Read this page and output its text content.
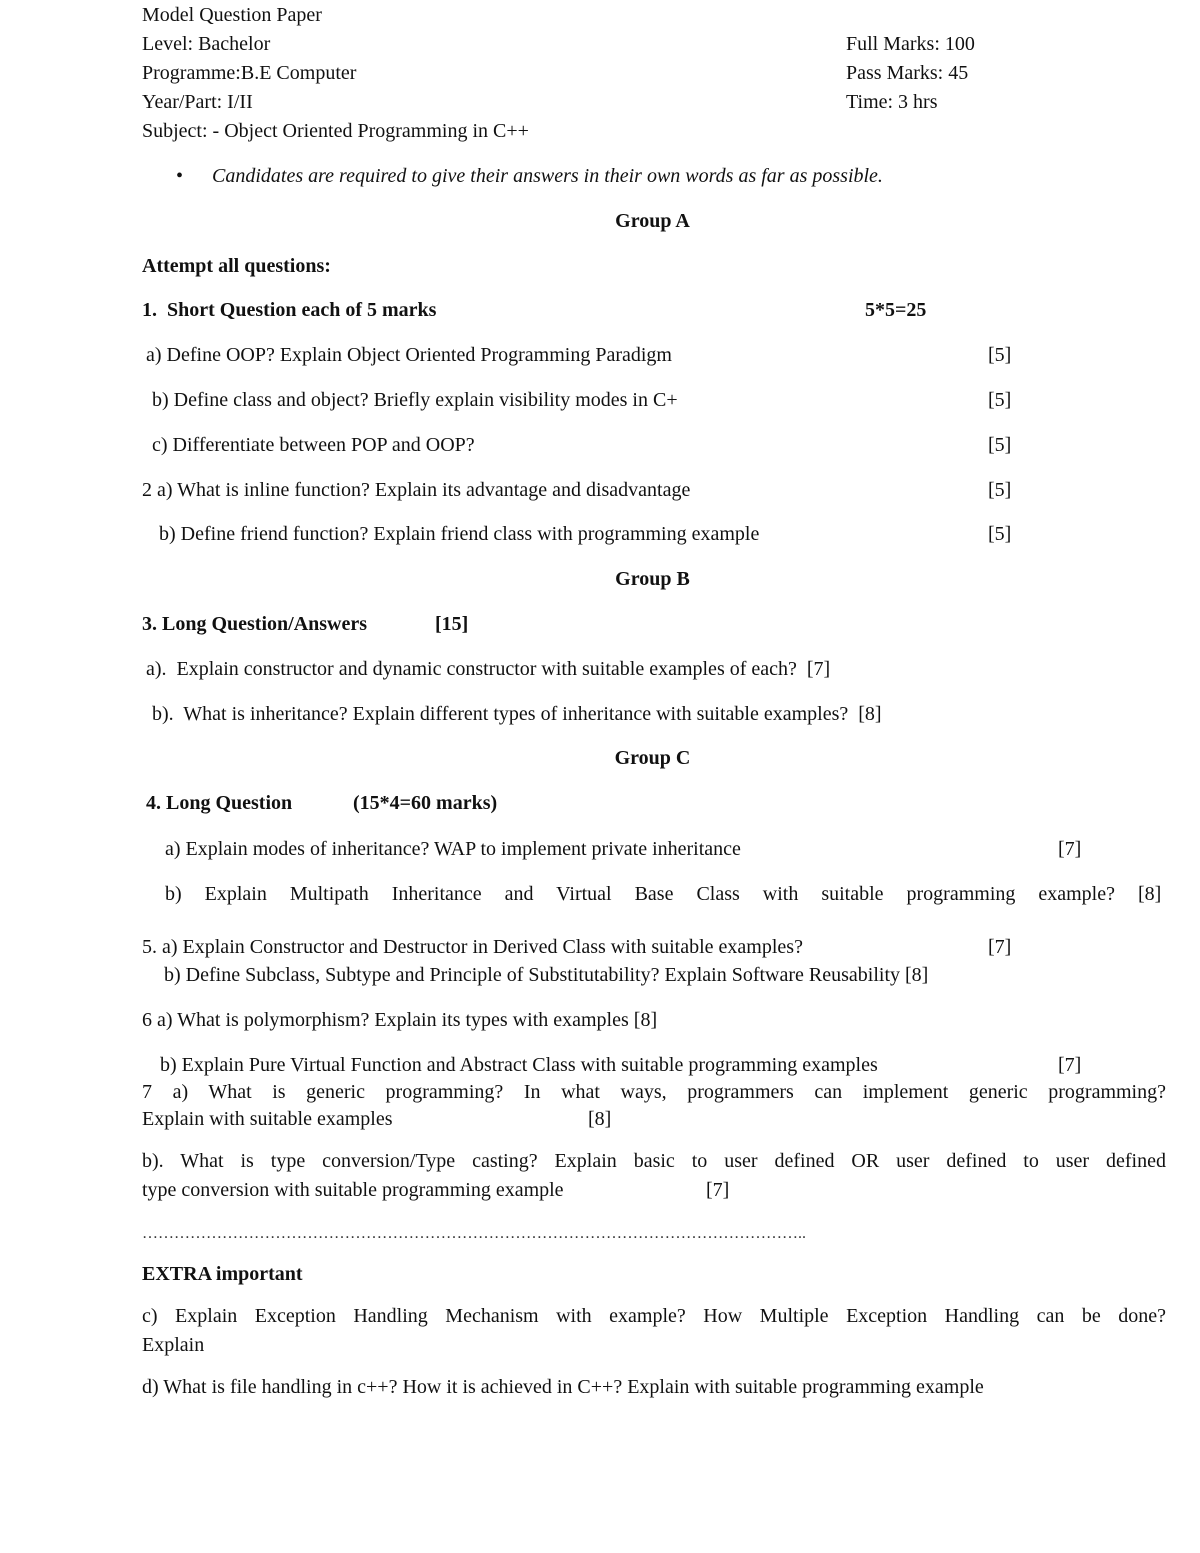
Model Question Paper
Level: Bachelor
Programme:B.E Computer
Year/Part: I/II
Subject: - Object Oriented Programming in C++
Full Marks: 100
Pass Marks: 45
Time: 3 hrs
• Candidates are required to give their answers in their own words as far as possible.
Group A
Attempt all questions:
1.  Short Question each of 5 marks	5*5=25
a) Define OOP? Explain Object Oriented Programming Paradigm	[5]
b) Define class and object? Briefly explain visibility modes in C+	[5]
c) Differentiate between POP and OOP?	[5]
2 a) What is inline function? Explain its advantage and disadvantage	[5]
b) Define friend function? Explain friend class with programming example	[5]
Group B
3. Long Question/Answers	[15]
a).  Explain constructor and dynamic constructor with suitable examples of each?  [7]
b).  What is inheritance? Explain different types of inheritance with suitable examples?  [8]
Group C
4. Long Question	(15*4=60 marks)
a) Explain modes of inheritance? WAP to implement private inheritance	[7]
b) Explain Multipath Inheritance and Virtual Base Class with suitable programming example? [8]
5. a) Explain Constructor and Destructor in Derived Class with suitable examples?	[7]
b) Define Subclass, Subtype and Principle of Substitutability? Explain Software Reusability [8]
6 a) What is polymorphism? Explain its types with examples [8]
b) Explain Pure Virtual Function and Abstract Class with suitable programming examples	[7]
7 a) What is generic programming? In what ways, programmers can implement generic programming?
Explain with suitable examples	[8]
b). What is type conversion/Type casting? Explain basic to user defined OR user defined to user defined
type conversion with suitable programming example	[7]
……………………………………………………………………………………………………………..
EXTRA important
c) Explain Exception Handling Mechanism with example? How Multiple Exception Handling can be done?
Explain
d) What is file handling in c++? How it is achieved in C++? Explain with suitable programming example
